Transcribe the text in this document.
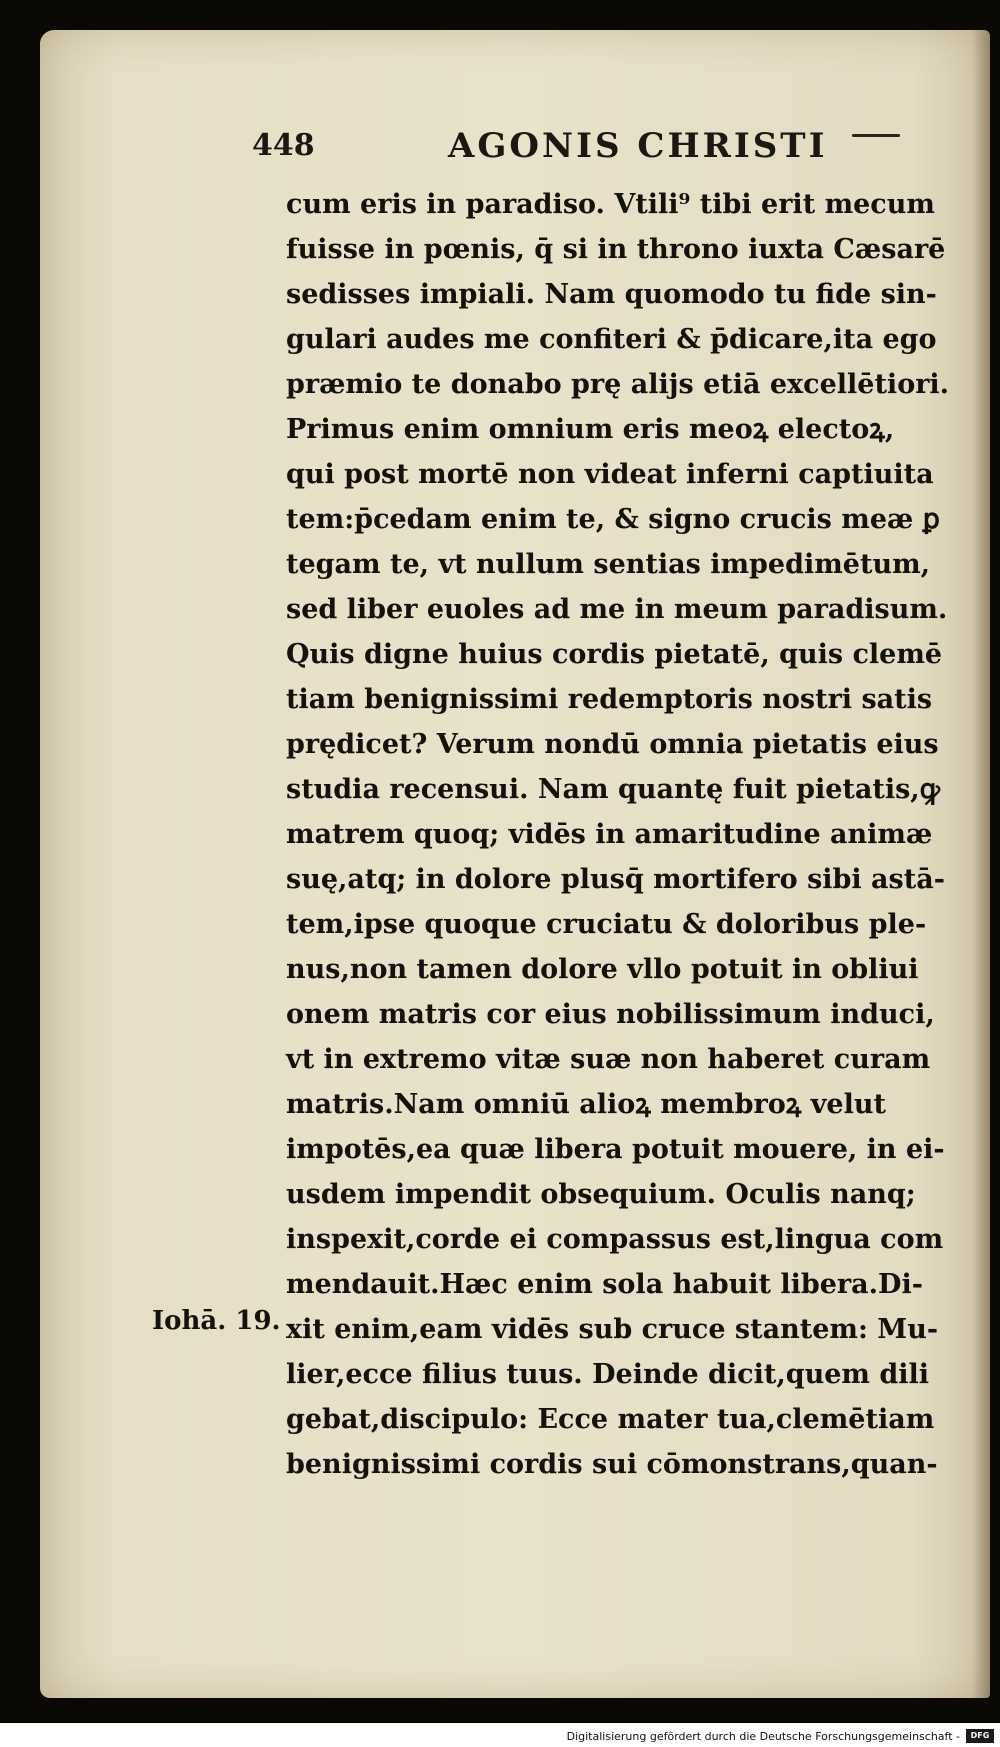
448	AGONIS CHRISTI
Iohā. 19.
cum eris in paradiso. Vtili⁹ tibi erit mecum
fuisse in pœnis, q̄ si in throno iuxta Cæsarē
sedisses impiali. Nam quomodo tu fide sin-
gulari audes me confiteri & p̄dicare,ita ego
præmio te donabo prę alijs etiā excellētiori.
Primus enim omnium eris meoꝝ electoꝝ,
qui post mortē non videat inferni captiuita
tem:p̄cedam enim te, & signo crucis meæ ꝑ
tegam te, vt nullum sentias impedimētum,
sed liber euoles ad me in meum paradisum.
Quis digne huius cordis pietatē, quis clemē
tiam benignissimi redemptoris nostri satis
prędicet? Verum nondū omnia pietatis eius
studia recensui. Nam quantę fuit pietatis,ꝙ
matrem quoq; vidēs in amaritudine animæ
suę,atq; in dolore plusq̄ mortifero sibi astā-
tem,ipse quoque cruciatu & doloribus ple-
nus,non tamen dolore vllo potuit in obliui
onem matris cor eius nobilissimum induci,
vt in extremo vitæ suæ non haberet curam
matris.Nam omniū alioꝝ membroꝝ velut
impotēs,ea quæ libera potuit mouere, in ei-
usdem impendit obsequium. Oculis nanq;
inspexit,corde ei compassus est,lingua com
mendauit.Hæc enim sola habuit libera.Di-
xit enim,eam vidēs sub cruce stantem: Mu-
lier,ecce filius tuus. Deinde dicit,quem dili
gebat,discipulo: Ecce mater tua,clemētiam
benignissimi cordis sui cōmonstrans,quan-
Digitalisierung gefördert durch die Deutsche Forschungsgemeinschaft -	DFG
